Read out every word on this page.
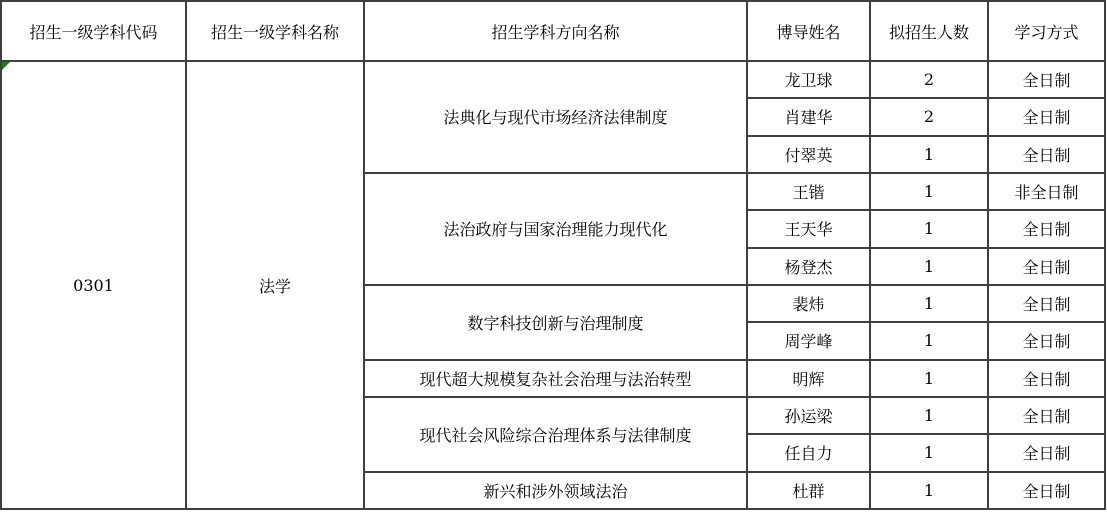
招生一级学科代码	招生一级学科名称	招生学科方向名称	博导姓名	拟招生人数	学习方式

0301	法学	法典化与现代市场经济法律制度	龙卫球	2	全日制
			肖建华	2	全日制
			付翠英	1	全日制
		法治政府与国家治理能力现代化	王锴	1	非全日制
			王天华	1	全日制
			杨登杰	1	全日制
		数字科技创新与治理制度	裴炜	1	全日制
			周学峰	1	全日制
		现代超大规模复杂社会治理与法治转型	明辉	1	全日制
		现代社会风险综合治理体系与法律制度	孙运梁	1	全日制
			任自力	1	全日制
		新兴和涉外领域法治	杜群	1	全日制
